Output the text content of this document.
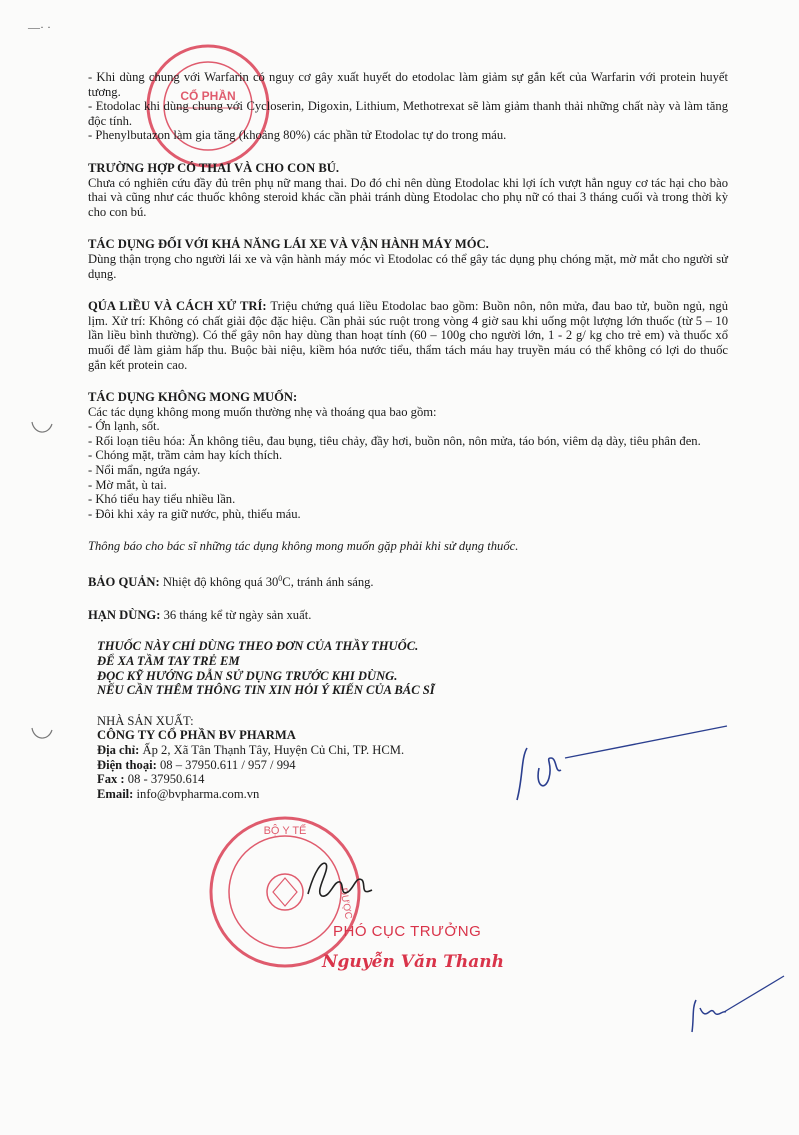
—· ·
CỔ PHẦN

- Khi dùng chung với Warfarin có nguy cơ gây xuất huyết do etodolac làm giảm sự gắn kết của Warfarin với protein huyết tương.

- Etodolac khi dùng chung với Cycloserin, Digoxin, Lithium, Methotrexat sẽ làm giảm thanh thải những chất này và làm tăng độc tính.

- Phenylbutazon làm gia tăng (khoảng 80%) các phần tử Etodolac tự do trong máu.

TRƯỜNG HỢP CÓ THAI VÀ CHO CON BÚ.

Chưa có nghiên cứu đầy đủ trên phụ nữ mang thai. Do đó chỉ nên dùng Etodolac khi lợi ích vượt hẳn nguy cơ tác hại cho bào thai và cũng như các thuốc không steroid khác cần phải tránh dùng Etodolac cho phụ nữ có thai 3 tháng cuối và trong thời kỳ cho con bú.

TÁC DỤNG ĐỐI VỚI KHẢ NĂNG LÁI XE VÀ VẬN HÀNH MÁY MÓC.

Dùng thận trọng cho người lái xe và vận hành máy móc vì Etodolac có thể gây tác dụng phụ chóng mặt, mờ mắt cho người sử dụng.

QÚA LIỀU VÀ CÁCH XỬ TRÍ: Triệu chứng quá liều Etodolac bao gồm: Buồn nôn, nôn mửa, đau bao tử, buồn ngủ, ngủ lịm. Xử trí: Không có chất giải độc đặc hiệu. Cần phải súc ruột trong vòng 4 giờ sau khi uống một lượng lớn thuốc (từ 5 – 10 lần liều bình thường). Có thể gây nôn hay dùng than hoạt tính (60 – 100g cho người lớn, 1 - 2 g/ kg cho trẻ em) và thuốc xổ muối để làm giảm hấp thu. Buộc bài niệu, kiềm hóa nước tiểu, thẩm tách máu hay truyền máu có thể không có lợi do thuốc gắn kết protein cao.

TÁC DỤNG KHÔNG MONG MUỐN:

Các tác dụng không mong muốn thường nhẹ và thoáng qua bao gồm:

- Ớn lạnh, sốt.

- Rối loạn tiêu hóa: Ăn không tiêu, đau bụng, tiêu chảy, đầy hơi, buồn nôn, nôn mửa, táo bón, viêm dạ dày, tiêu phân đen.

- Chóng mặt, trầm cảm hay kích thích.

- Nổi mẩn, ngứa ngáy.

- Mờ mắt, ù tai.

- Khó tiểu hay tiểu nhiều lần.

- Đôi khi xảy ra giữ nước, phù, thiếu máu.

Thông báo cho bác sĩ những tác dụng không mong muốn gặp phải khi sử dụng thuốc.

BẢO QUẢN: Nhiệt độ không quá $30^0C$, tránh ánh sáng.

HẠN DÙNG: 36 tháng kể từ ngày sản xuất.

THUỐC NÀY CHỈ DÙNG THEO ĐƠN CỦA THẦY THUỐC.

ĐỂ XA TẦM TAY TRẺ EM

ĐỌC KỸ HƯỚNG DẪN SỬ DỤNG TRƯỚC KHI DÙNG.

NẾU CẦN THÊM THÔNG TIN XIN HỎI Ý KIẾN CỦA BÁC SĨ

NHÀ SẢN XUẤT:

CÔNG TY CỔ PHẦN BV PHARMA

Địa chỉ: Ấp 2, Xã Tân Thạnh Tây, Huyện Củ Chi, TP. HCM.

Điện thoại: 08 – 37950.611 / 957 / 994

Fax : 08 - 37950.614

Email: info@bvpharma.com.vn

BỘ Y TẾ
DƯỢC
PHÓ CỤC TRƯỞNG
Nguyễn Văn Thanh
